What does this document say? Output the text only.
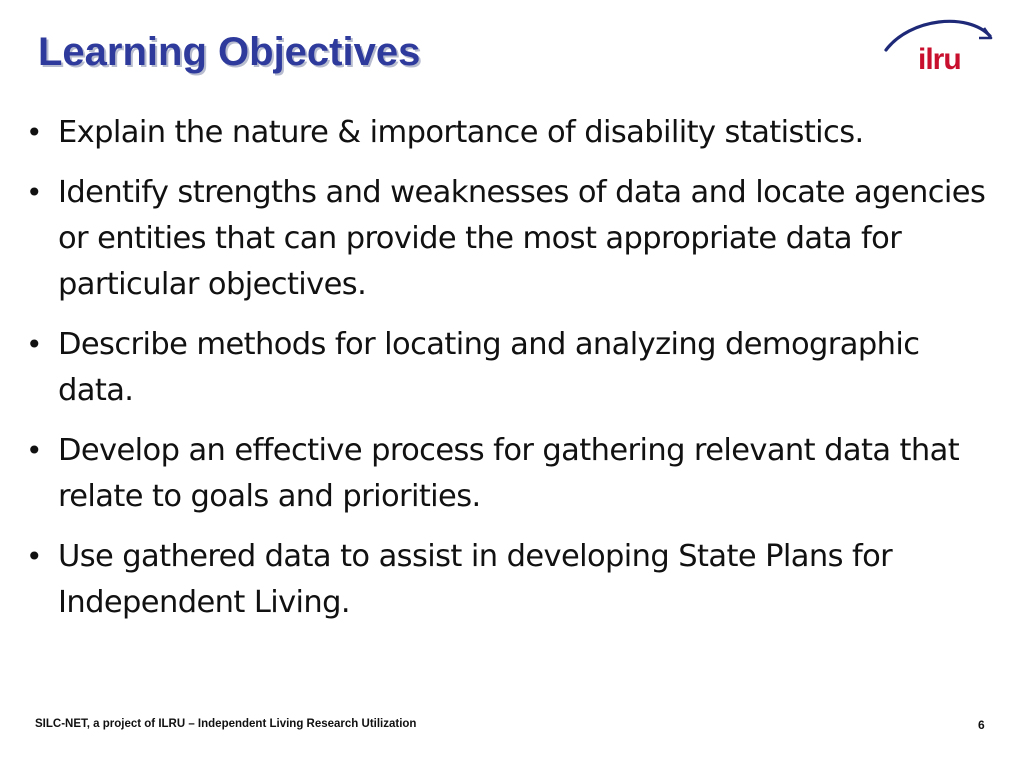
Learning Objectives	ilru
• Explain the nature & importance of disability statistics.
• Identify strengths and weaknesses of data and locate agencies or entities that can provide the most appropriate data for particular objectives.
• Describe methods for locating and analyzing demographic data.
• Develop an effective process for gathering relevant data that relate to goals and priorities.
• Use gathered data to assist in developing State Plans for Independent Living.
SILC-NET, a project of ILRU – Independent Living Research Utilization	6
